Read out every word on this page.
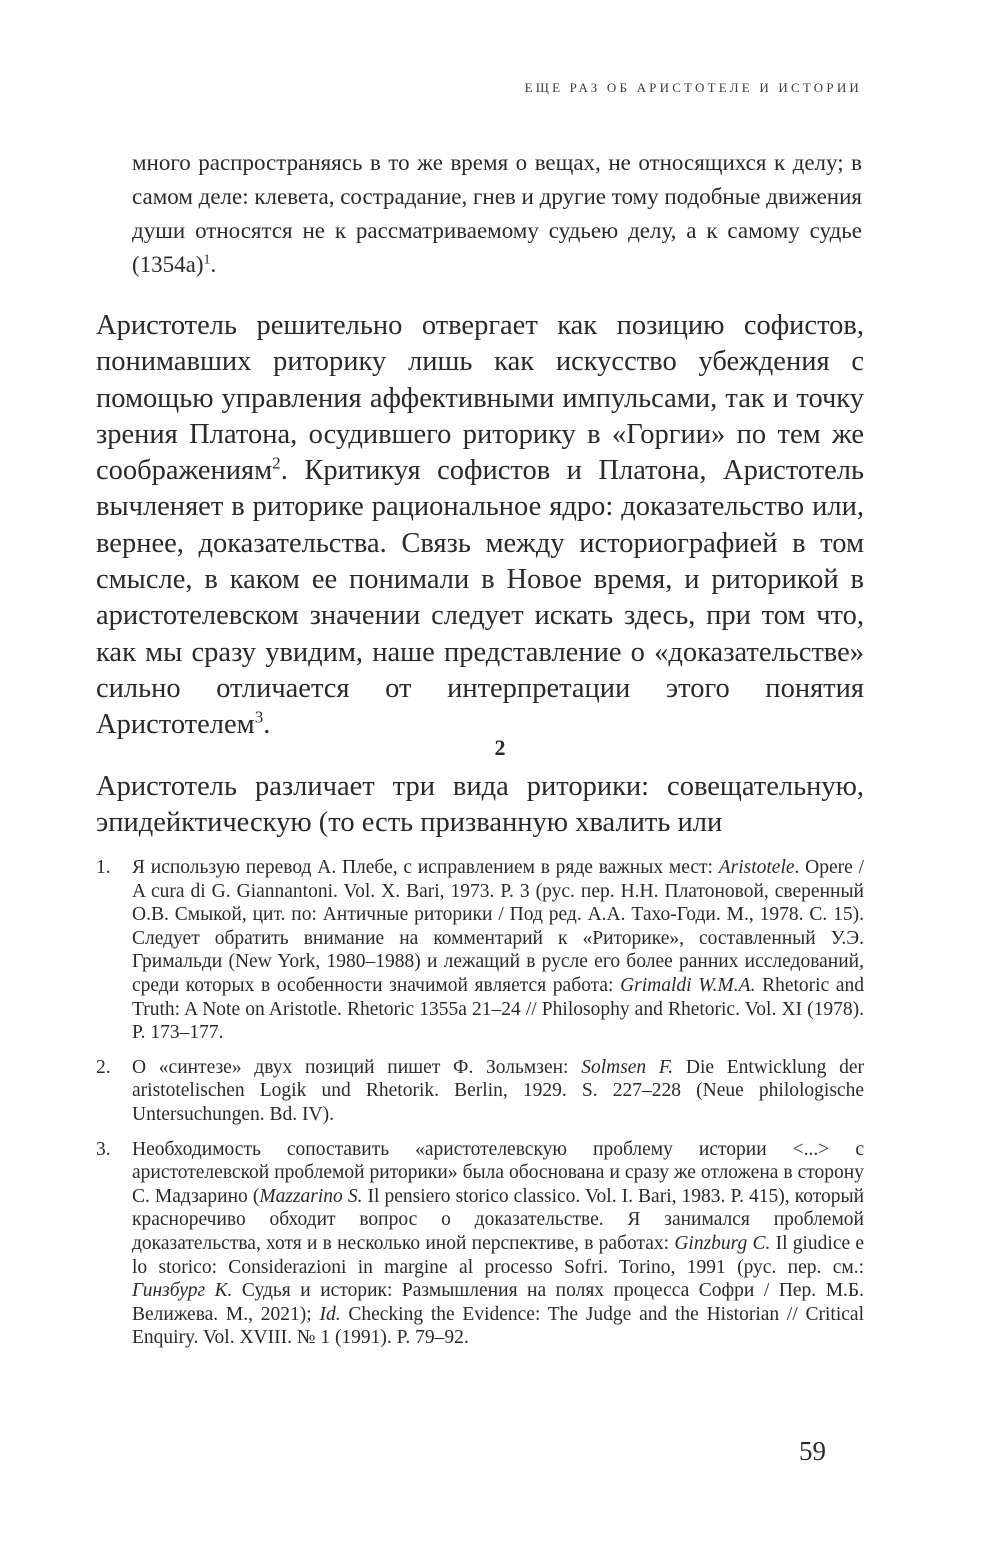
ЕЩЕ РАЗ ОБ АРИСТОТЕЛЕ И ИСТОРИИ
много распространяясь в то же время о вещах, не относящихся к делу; в самом деле: клевета, сострадание, гнев и другие тому подобные движения души относятся не к рассматриваемому судьею делу, а к самому судье $(1354a)^1$.

Аристотель решительно отвергает как позицию софистов, понимавших риторику лишь как искусство убеждения с помощью управления аффективными импульсами, так и точку зрения Платона, осудившего риторику в «Горгии» по тем же соображениям$^2$. Критикуя софистов и Платона, Аристотель вычленяет в риторике рациональное ядро: доказательство или, вернее, доказательства. Связь между историографией в том смысле, в каком ее понимали в Новое время, и риторикой в аристотелевском значении следует искать здесь, при том что, как мы сразу увидим, наше представление о «доказательстве» сильно отличается от интерпретации этого понятия Аристотелем$^3$.

2
Аристотель различает три вида риторики: совещательную, эпидейктическую (то есть призванную хвалить или
1.	Я использую перевод А. Плебе, с исправлением в ряде важных мест: Aristotele. Opere / A cura di G. Giannantoni. Vol. X. Bari, 1973. P. 3 (рус. пер. Н.Н. Платоновой, сверенный О.В. Смыкой, цит. по: Античные риторики / Под ред. А.А. Тахо-Годи. М., 1978. С. 15). Следует обратить внимание на комментарий к «Риторике», составленный У.Э. Гримальди (New York, 1980–1988) и лежащий в русле его более ранних исследований, среди которых в особенности значимой является работа: Grimaldi W.M.A. Rhetoric and Truth: A Note on Aristotle. Rhetoric 1355a 21–24 // Philosophy and Rhetoric. Vol. XI (1978). P. 173–177.
2.	О «синтезе» двух позиций пишет Ф. Зольмзен: Solmsen F. Die Entwicklung der aristotelischen Logik und Rhetorik. Berlin, 1929. S. 227–228 (Neue philologische Untersuchungen. Bd. IV).
3.	Необходимость сопоставить «аристотелевскую проблему истории <...> с аристотелевской проблемой риторики» была обоснована и сразу же отложена в сторону С. Мадзарино (Mazzarino S. Il pensiero storico classico. Vol. I. Bari, 1983. P. 415), который красноречиво обходит вопрос о доказательстве. Я занимался проблемой доказательства, хотя и в несколько иной перспективе, в работах: Ginzburg C. Il giudice e lo storico: Considerazioni in margine al processo Sofri. Torino, 1991 (рус. пер. см.: Гинзбург К. Судья и историк: Размышления на полях процесса Софри / Пер. М.Б. Велижева. М., 2021); Id. Checking the Evidence: The Judge and the Historian // Critical Enquiry. Vol. XVIII. № 1 (1991). P. 79–92.
59
